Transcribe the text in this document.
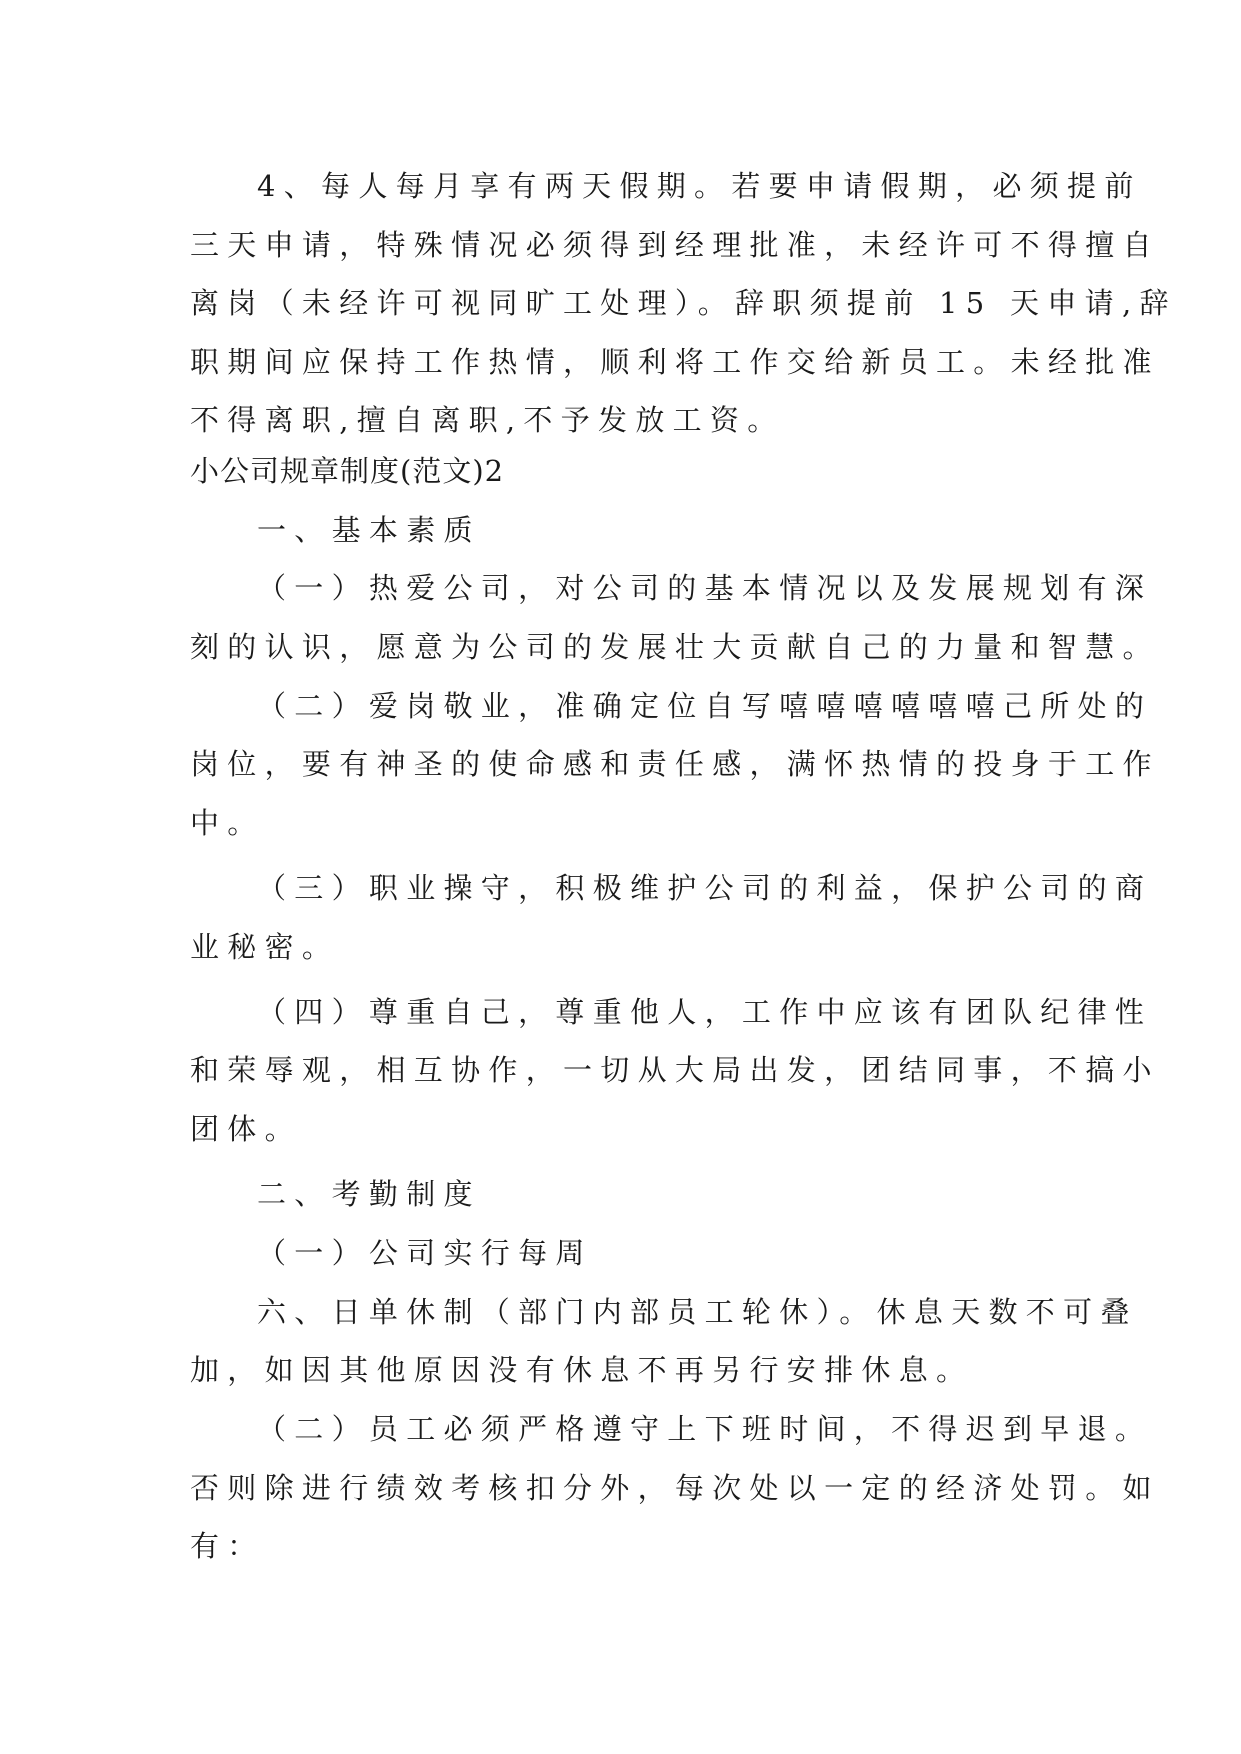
4、每人每月享有两天假期。若要申请假期，必须提前
三天申请，特殊情况必须得到经理批准，未经许可不得擅自
离岗（未经许可视同旷工处理）。辞职须提前 15 天申请,辞
职期间应保持工作热情，顺利将工作交给新员工。未经批准
不得离职,擅自离职,不予发放工资。
小公司规章制度(范文)2
一、基本素质
（一）热爱公司，对公司的基本情况以及发展规划有深
刻的认识，愿意为公司的发展壮大贡献自己的力量和智慧。
（二）爱岗敬业，准确定位自写嘻嘻嘻嘻嘻嘻己所处的
岗位，要有神圣的使命感和责任感，满怀热情的投身于工作
中。
（三）职业操守，积极维护公司的利益，保护公司的商
业秘密。
（四）尊重自己，尊重他人，工作中应该有团队纪律性
和荣辱观，相互协作，一切从大局出发，团结同事，不搞小
团体。
二、考勤制度
（一）公司实行每周
六、日单休制（部门内部员工轮休）。休息天数不可叠
加，如因其他原因没有休息不再另行安排休息。
（二）员工必须严格遵守上下班时间，不得迟到早退。
否则除进行绩效考核扣分外，每次处以一定的经济处罚。如
有：
